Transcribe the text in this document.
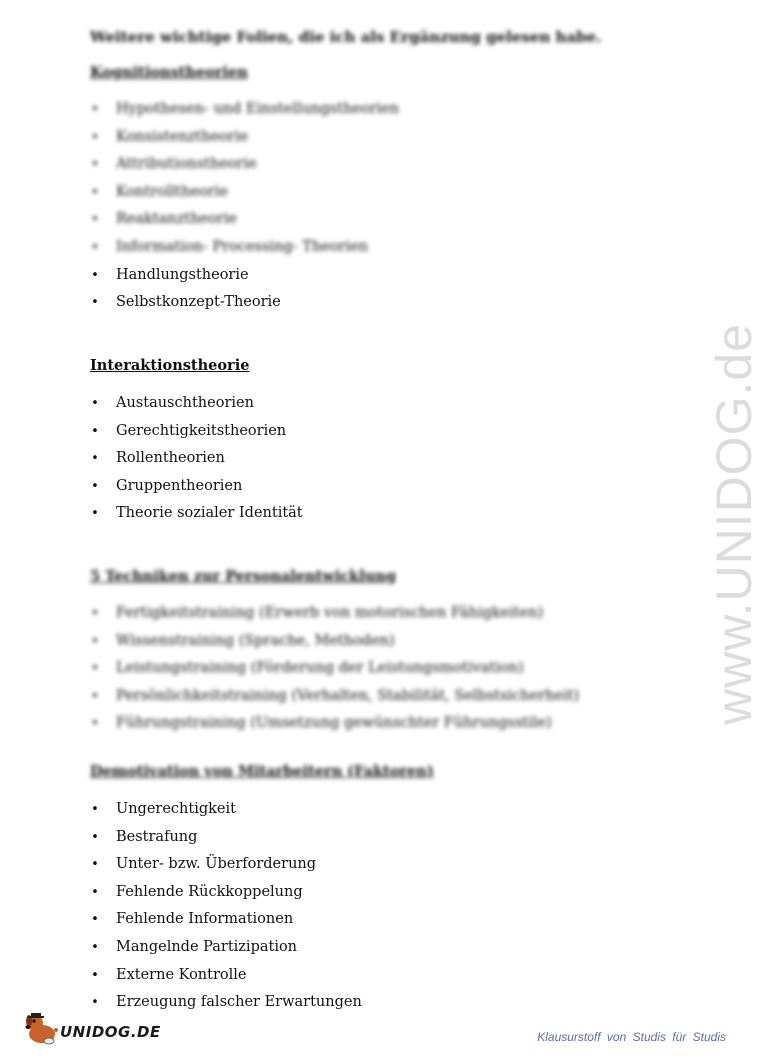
Weitere wichtige Folien, die ich als Ergänzung gelesen habe.
Kognitionstheorien
• Hypothesen- und Einstellungstheorien
• Konsistenztheorie
• Attributionstheorie
• Kontrolltheorie
• Reaktanztheorie
• Information- Processing- Theorien
• Handlungstheorie
• Selbstkonzept-Theorie
Interaktionstheorie
• Austauschtheorien
• Gerechtigkeitstheorien
• Rollentheorien
• Gruppentheorien
• Theorie sozialer Identität
5 Techniken zur Personalentwicklung
• Fertigkeitstraining (Erwerb von motorischen Fähigkeiten)
• Wissenstraining (Sprache, Methoden)
• Leistungstraining (Förderung der Leistungsmotivation)
• Persönlichkeitstraining (Verhalten, Stabilität, Selbstsicherheit)
• Führungstraining (Umsetzung gewünschter Führungsstile)
Demotivation von Mitarbeitern (Faktoren)
• Ungerechtigkeit
• Bestrafung
• Unter- bzw. Überforderung
• Fehlende Rückkoppelung
• Fehlende Informationen
• Mangelnde Partizipation
• Externe Kontrolle
• Erzeugung falscher Erwartungen
www.UNIDOG.de
UNIDOG.DE	Klausurstoff von Studis für Studis
